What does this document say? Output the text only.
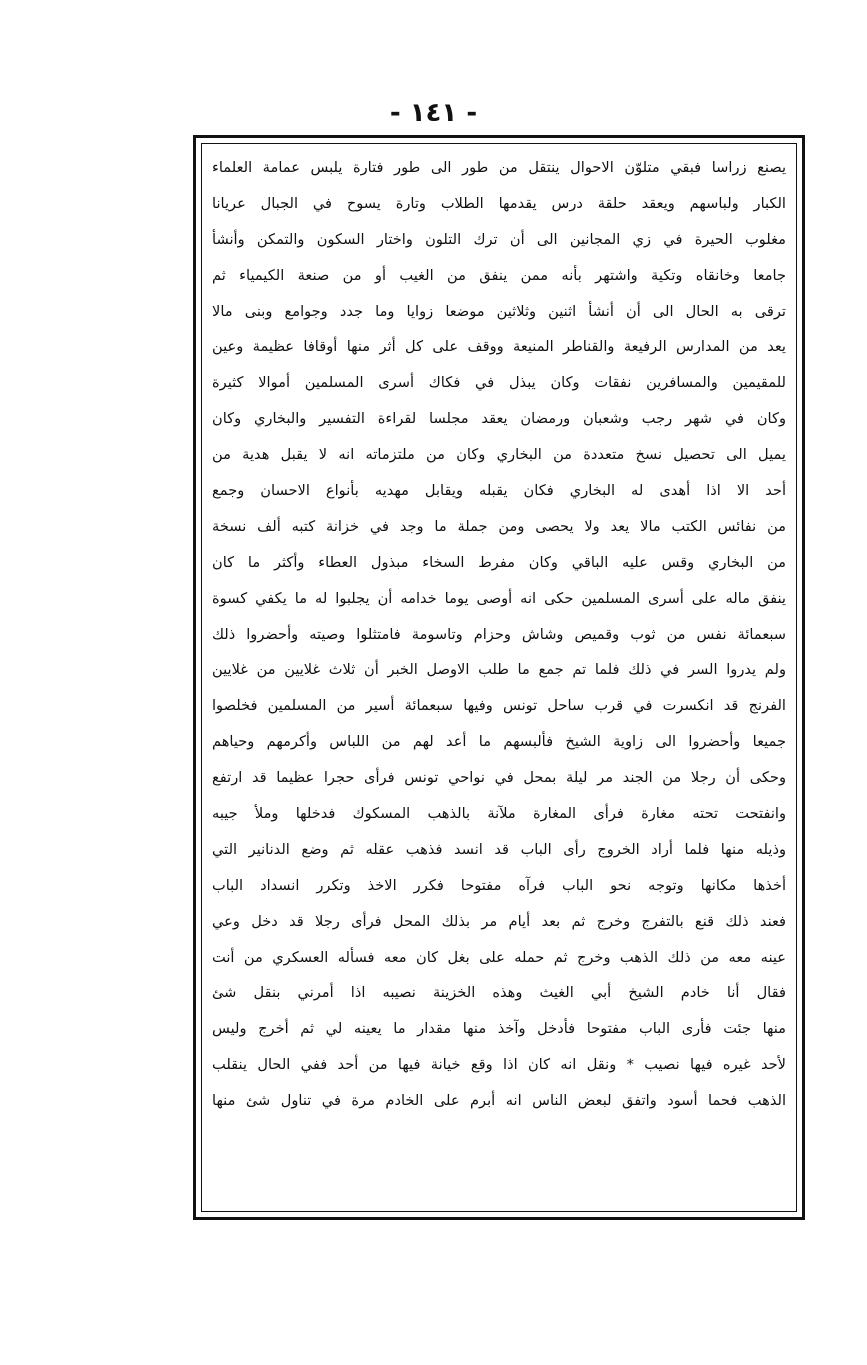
- ١٤١ -
يصنع زراسا فبقي متلوّن الاحوال ينتقل من طور الى طور فتارة يلبس عمامة العلماء
الكبار ولباسهم ويعقد حلقة درس يقدمها الطلاب وتارة يسوح في الجبال عريانا
مغلوب الحيرة في زي المجانين الى أن ترك التلون واختار السكون والتمكن وأنشأ
جامعا وخانقاه وتكية واشتهر بأنه ممن ينفق من الغيب أو من صنعة الكيمياء ثم
ترقى به الحال الى أن أنشأ اثنين وثلاثين موضعا زوايا وما جدد وجوامع وبنى مالا
يعد من المدارس الرفيعة والقناطر المنيعة ووقف على كل أثر منها أوقافا عظيمة وعين
للمقيمين والمسافرين نفقات وكان يبذل في فكاك أسرى المسلمين أموالا كثيرة
وكان في شهر رجب وشعبان ورمضان يعقد مجلسا لقراءة التفسير والبخاري وكان
يميل الى تحصيل نسخ متعددة من البخاري وكان من ملتزماته انه لا يقبل هدية من
أحد الا اذا أهدى له البخاري فكان يقبله ويقابل مهديه بأنواع الاحسان وجمع
من نفائس الكتب مالا يعد ولا يحصى ومن جملة ما وجد في خزانة كتبه ألف نسخة
من البخاري وقس عليه الباقي وكان مفرط السخاء مبذول العطاء وأكثر ما كان
ينفق ماله على أسرى المسلمين حكى انه أوصى يوما خدامه أن يجلبوا له ما يكفي كسوة
سبعمائة نفس من ثوب وقميص وشاش وحزام وتاسومة فامتثلوا وصيته وأحضروا ذلك
ولم يدروا السر في ذلك فلما تم جمع ما طلب الاوصل الخبر أن ثلاث غلايين من غلايين
الفرنج قد انكسرت في قرب ساحل تونس وفيها سبعمائة أسير من المسلمين فخلصوا
جميعا وأحضروا الى زاوية الشيخ فألبسهم ما أعد لهم من اللباس وأكرمهم وحياهم
وحكى أن رجلا من الجند مر ليلة بمحل في نواحي تونس فرأى حجرا عظيما قد ارتفع
وانفتحت تحته مغارة فرأى المغارة ملآنة بالذهب المسكوك فدخلها وملأ جيبه
وذيله منها فلما أراد الخروج رأى الباب قد انسد فذهب عقله ثم وضع الدنانير التي
أخذها مكانها وتوجه نحو الباب فرآه مفتوحا فكرر الاخذ وتكرر انسداد الباب
فعند ذلك قنع بالتفرج وخرج ثم بعد أيام مر بذلك المحل فرأى رجلا قد دخل وعي
عينه معه من ذلك الذهب وخرج ثم حمله على بغل كان معه فسأله العسكري من أنت
فقال أنا خادم الشيخ أبي الغيث وهذه الخزينة نصيبه اذا أمرني بنقل شئ
منها جئت فأرى الباب مفتوحا فأدخل وآخذ منها مقدار ما يعينه لي ثم أخرج وليس
لأحد غيره فيها نصيب * ونقل انه كان اذا وقع خيانة فيها من أحد ففي الحال ينقلب
الذهب فحما أسود واتفق لبعض الناس انه أبرم على الخادم مرة في تناول شئ منها
